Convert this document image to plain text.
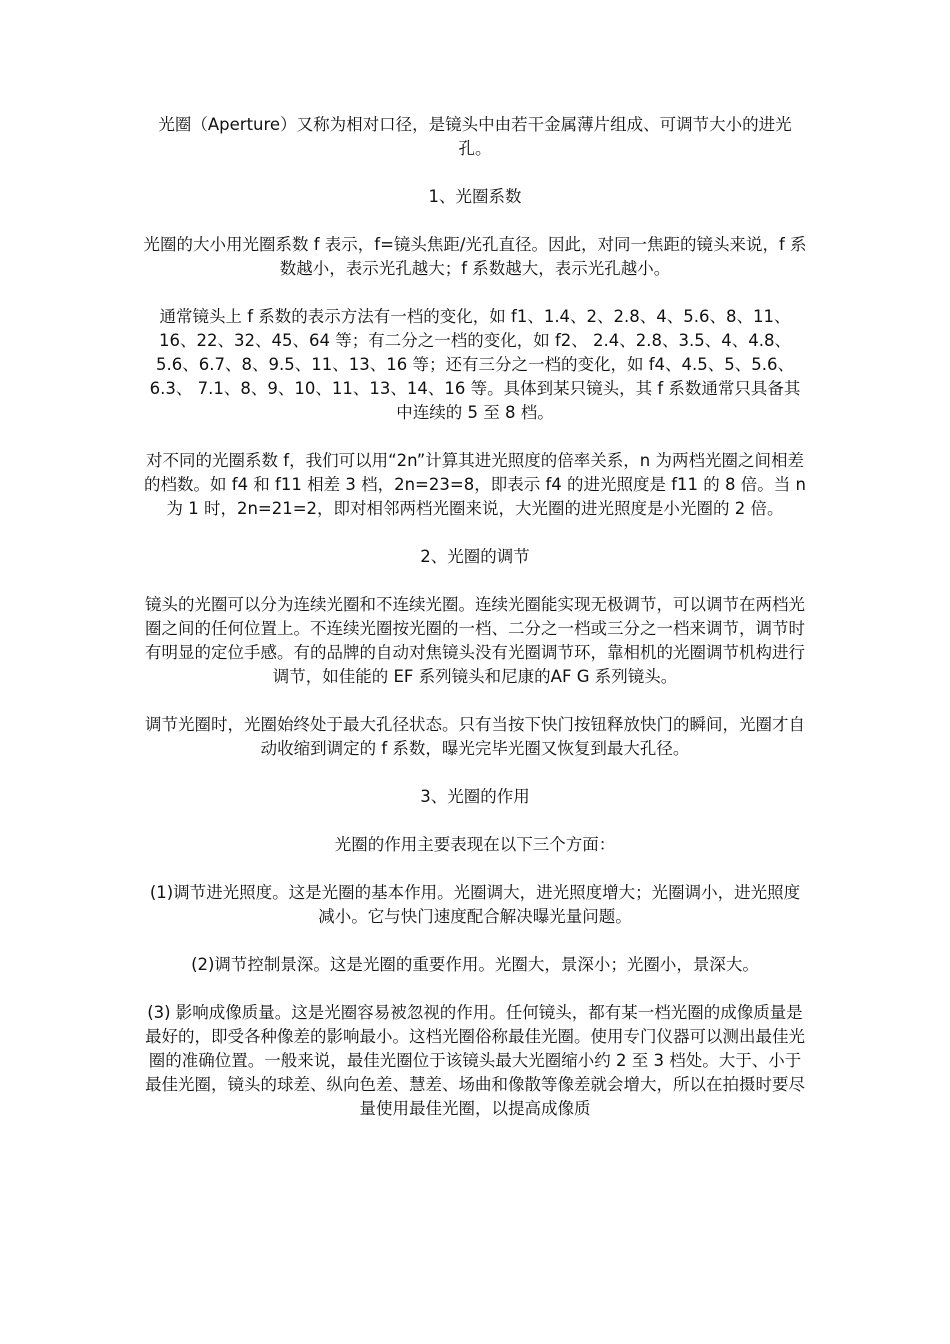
光圈（Aperture）又称为相对口径，是镜头中由若干金属薄片组成、可调节大小的进光孔。

1、光圈系数

光圈的大小用光圈系数 f 表示，f=镜头焦距/光孔直径。因此，对同一焦距的镜头来说，f 系数越小，表示光孔越大；f 系数越大，表示光孔越小。

通常镜头上 f 系数的表示方法有一档的变化，如 f1、1.4、2、2.8、4、5.6、8、11、16、22、32、45、64 等；有二分之一档的变化，如 f2、 2.4、2.8、3.5、4、4.8、5.6、6.7、8、9.5、11、13、16 等；还有三分之一档的变化，如 f4、4.5、5、5.6、6.3、 7.1、8、9、10、11、13、14、16 等。具体到某只镜头，其 f 系数通常只具备其中连续的 5 至 8 档。

对不同的光圈系数 f，我们可以用“2n”计算其进光照度的倍率关系，n 为两档光圈之间相差的档数。如 f4 和 f11 相差 3 档，2n=23=8，即表示 f4 的进光照度是 f11 的 8 倍。当 n 为 1 时，2n=21=2，即对相邻两档光圈来说，大光圈的进光照度是小光圈的 2 倍。

2、光圈的调节

镜头的光圈可以分为连续光圈和不连续光圈。连续光圈能实现无极调节，可以调节在两档光圈之间的任何位置上。不连续光圈按光圈的一档、二分之一档或三分之一档来调节，调节时有明显的定位手感。有的品牌的自动对焦镜头没有光圈调节环，靠相机的光圈调节机构进行调节，如佳能的 EF 系列镜头和尼康的AF G 系列镜头。

调节光圈时，光圈始终处于最大孔径状态。只有当按下快门按钮释放快门的瞬间，光圈才自动收缩到调定的 f 系数，曝光完毕光圈又恢复到最大孔径。

3、光圈的作用

光圈的作用主要表现在以下三个方面：

(1)调节进光照度。这是光圈的基本作用。光圈调大，进光照度增大；光圈调小，进光照度减小。它与快门速度配合解决曝光量问题。

(2)调节控制景深。这是光圈的重要作用。光圈大，景深小；光圈小，景深大。

(3) 影响成像质量。这是光圈容易被忽视的作用。任何镜头，都有某一档光圈的成像质量是最好的，即受各种像差的影响最小。这档光圈俗称最佳光圈。使用专门仪器可以测出最佳光圈的准确位置。一般来说，最佳光圈位于该镜头最大光圈缩小约 2 至 3 档处。大于、小于最佳光圈，镜头的球差、纵向色差、慧差、场曲和像散等像差就会增大，所以在拍摄时要尽量使用最佳光圈，以提高成像质
